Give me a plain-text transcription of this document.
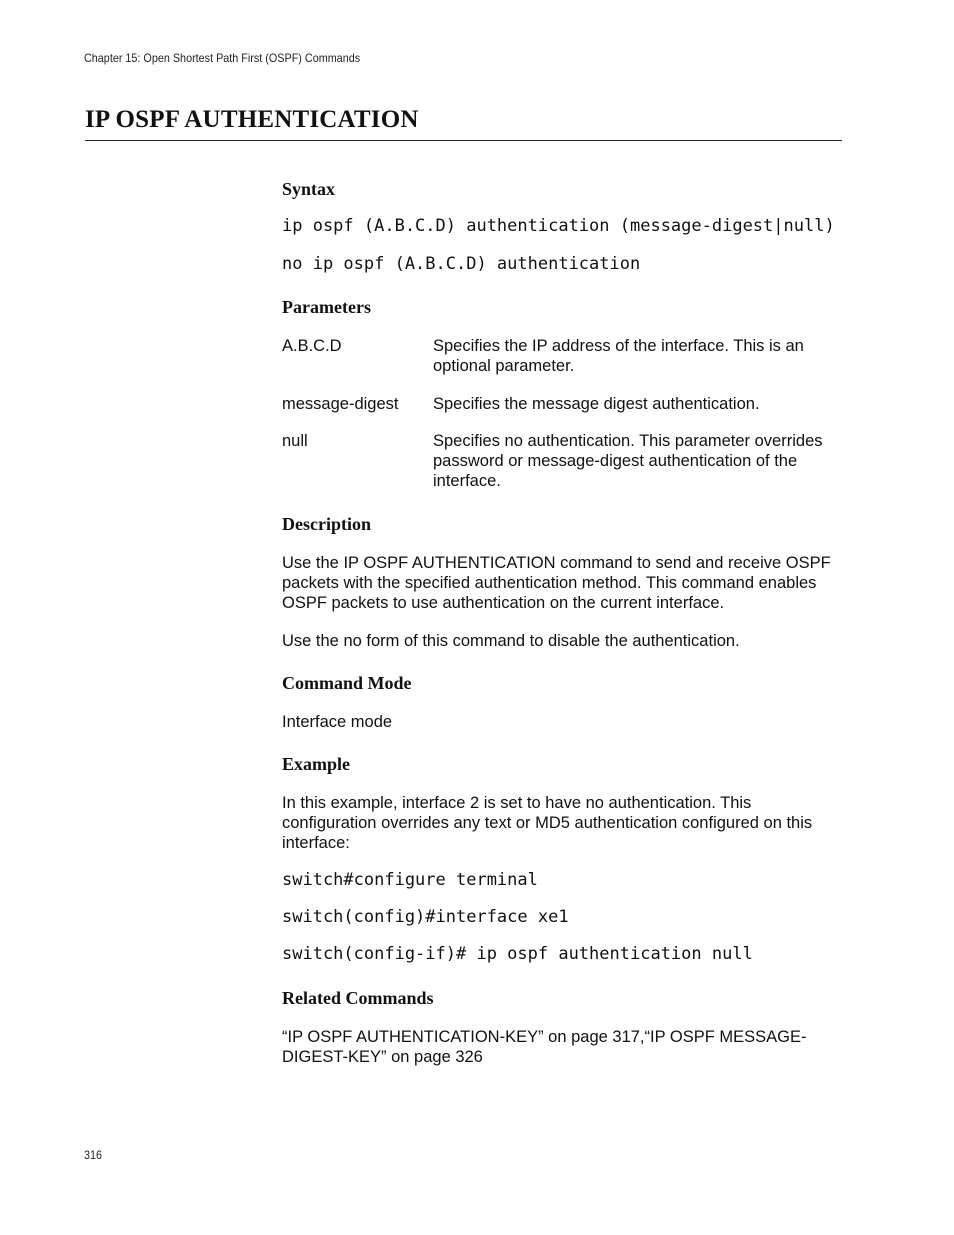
Chapter 15: Open Shortest Path First (OSPF) Commands
IP OSPF AUTHENTICATION
Syntax
ip ospf (A.B.C.D) authentication (message-digest|null)
no ip ospf (A.B.C.D) authentication
Parameters
A.B.C.D	Specifies the IP address of the interface. This is an optional parameter.
message-digest Specifies the message digest authentication.
null	Specifies no authentication. This parameter overrides password or message-digest authentication of the interface.
Description
Use the IP OSPF AUTHENTICATION command to send and receive OSPF packets with the specified authentication method. This command enables OSPF packets to use authentication on the current interface.
Use the no form of this command to disable the authentication.
Command Mode
Interface mode
Example
In this example, interface 2 is set to have no authentication. This configuration overrides any text or MD5 authentication configured on this interface:
switch#configure terminal
switch(config)#interface xe1
switch(config-if)# ip ospf authentication null
Related Commands
“IP OSPF AUTHENTICATION-KEY” on page 317,“IP OSPF MESSAGE-DIGEST-KEY” on page 326
316
